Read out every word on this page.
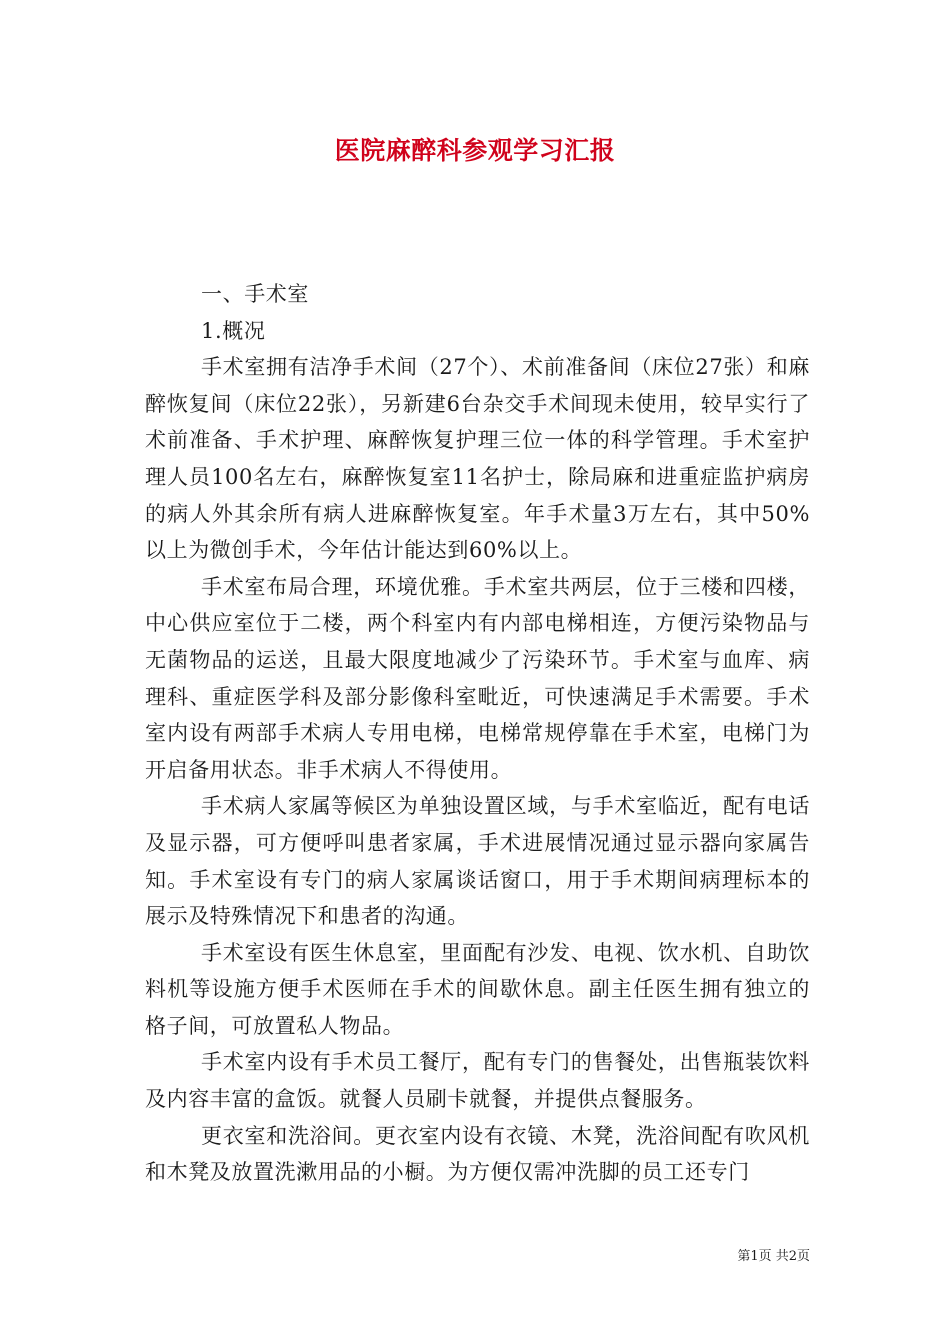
医院麻醉科参观学习汇报

一、手术室

1.概况

手术室拥有洁净手术间（27个）、术前准备间（床位27张）和麻醉恢复间（床位22张），另新建6台杂交手术间现未使用，较早实行了术前准备、手术护理、麻醉恢复护理三位一体的科学管理。手术室护理人员100名左右，麻醉恢复室11名护士，除局麻和进重症监护病房的病人外其余所有病人进麻醉恢复室。年手术量3万左右，其中50%以上为微创手术，今年估计能达到60%以上。

手术室布局合理，环境优雅。手术室共两层，位于三楼和四楼，中心供应室位于二楼，两个科室内有内部电梯相连，方便污染物品与无菌物品的运送，且最大限度地减少了污染环节。手术室与血库、病理科、重症医学科及部分影像科室毗近，可快速满足手术需要。手术室内设有两部手术病人专用电梯，电梯常规停靠在手术室，电梯门为开启备用状态。非手术病人不得使用。

手术病人家属等候区为单独设置区域，与手术室临近，配有电话及显示器，可方便呼叫患者家属，手术进展情况通过显示器向家属告知。手术室设有专门的病人家属谈话窗口，用于手术期间病理标本的展示及特殊情况下和患者的沟通。

手术室设有医生休息室，里面配有沙发、电视、饮水机、自助饮料机等设施方便手术医师在手术的间歇休息。副主任医生拥有独立的格子间，可放置私人物品。

手术室内设有手术员工餐厅，配有专门的售餐处，出售瓶装饮料及内容丰富的盒饭。就餐人员刷卡就餐，并提供点餐服务。

更衣室和洗浴间。更衣室内设有衣镜、木凳，洗浴间配有吹风机和木凳及放置洗漱用品的小橱。为方便仅需冲洗脚的员工还专门

第1页 共2页
